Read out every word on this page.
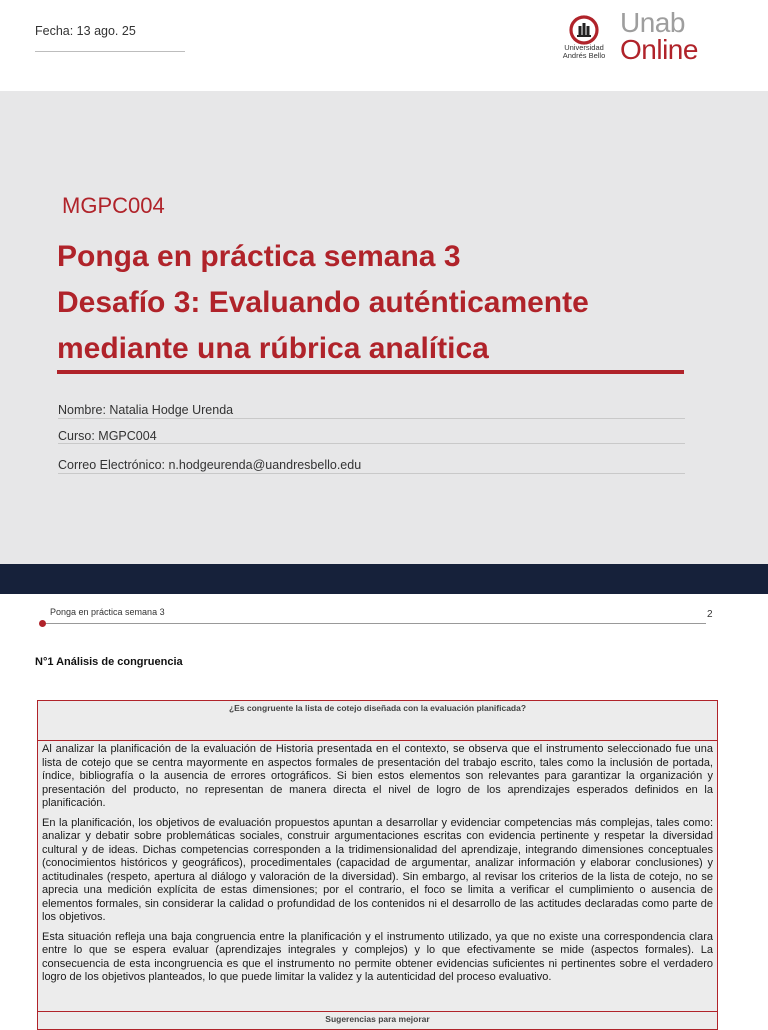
Fecha: 13 ago. 25
Universidad
Andrés Bello
Unab
Online
MGPC004
Ponga en práctica semana 3
Desafío 3: Evaluando auténticamente
mediante una rúbrica analítica
Nombre: Natalia Hodge Urenda
Curso: MGPC004
Correo Electrónico: n.hodgeurenda@uandresbello.edu
Ponga en práctica semana 3	2
N°1 Análisis de congruencia
¿Es congruente la lista de cotejo diseñada con la evaluación planificada?

Al analizar la planificación de la evaluación de Historia presentada en el contexto, se observa que el instrumento seleccionado fue una lista de cotejo que se centra mayormente en aspectos formales de presentación del trabajo escrito, tales como la inclusión de portada, índice, bibliografía o la ausencia de errores ortográficos. Si bien estos elementos son relevantes para garantizar la organización y presentación del producto, no representan de manera directa el nivel de logro de los aprendizajes esperados definidos en la planificación.

En la planificación, los objetivos de evaluación propuestos apuntan a desarrollar y evidenciar competencias más complejas, tales como: analizar y debatir sobre problemáticas sociales, construir argumentaciones escritas con evidencia pertinente y respetar la diversidad cultural y de ideas. Dichas competencias corresponden a la tridimensionalidad del aprendizaje, integrando dimensiones conceptuales (conocimientos históricos y geográficos), procedimentales (capacidad de argumentar, analizar información y elaborar conclusiones) y actitudinales (respeto, apertura al diálogo y valoración de la diversidad). Sin embargo, al revisar los criterios de la lista de cotejo, no se aprecia una medición explícita de estas dimensiones; por el contrario, el foco se limita a verificar el cumplimiento o ausencia de elementos formales, sin considerar la calidad o profundidad de los contenidos ni el desarrollo de las actitudes declaradas como parte de los objetivos.

Esta situación refleja una baja congruencia entre la planificación y el instrumento utilizado, ya que no existe una correspondencia clara entre lo que se espera evaluar (aprendizajes integrales y complejos) y lo que efectivamente se mide (aspectos formales). La consecuencia de esta incongruencia es que el instrumento no permite obtener evidencias suficientes ni pertinentes sobre el verdadero logro de los objetivos planteados, lo que puede limitar la validez y la autenticidad del proceso evaluativo.

Sugerencias para mejorar
